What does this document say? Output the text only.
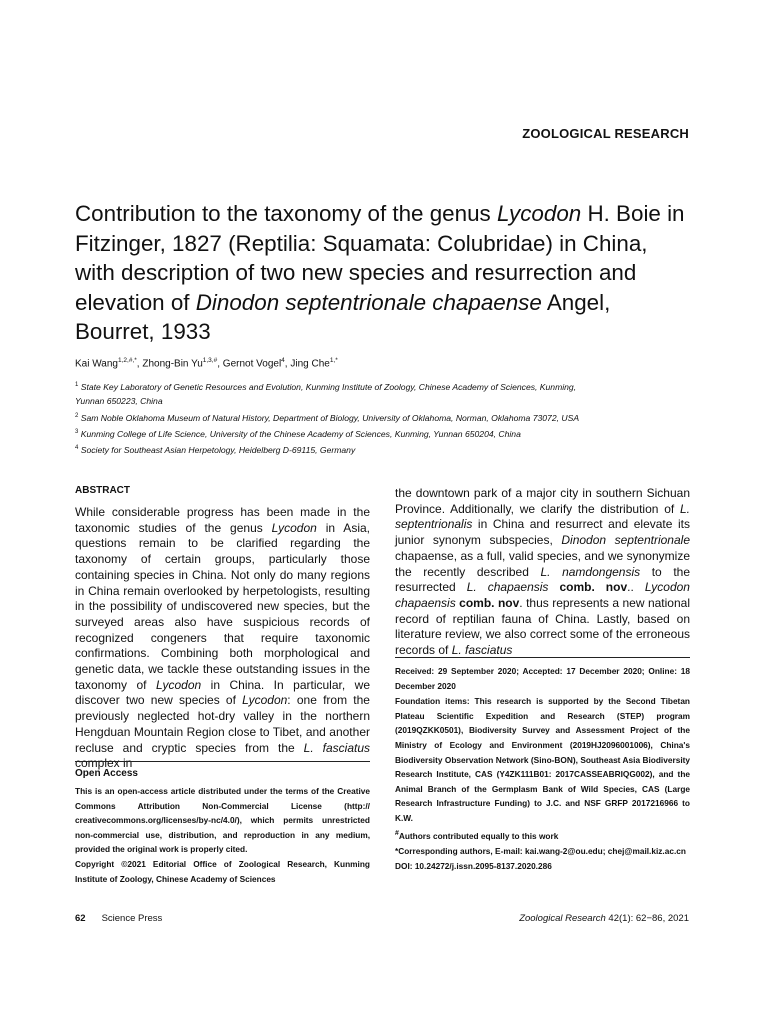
ZOOLOGICAL RESEARCH
Contribution to the taxonomy of the genus Lycodon H. Boie in Fitzinger, 1827 (Reptilia: Squamata: Colubridae) in China, with description of two new species and resurrection and elevation of Dinodon septentrionale chapaense Angel, Bourret, 1933
Kai Wang$^{1,2,\#,*}$, Zhong-Bin $Yu^{1,3,\#}$, Gernot Vogel$^4$, Jing Che$^{1,*}$

$^1$ State Key Laboratory of Genetic Resources and Evolution, Kunming Institute of Zoology, Chinese Academy of Sciences, Kunming,
Yunnan 650223, China

$^2$ Sam Noble Oklahoma Museum of Natural History, Department of Biology, University of Oklahoma, Norman, Oklahoma 73072, USA

$^3$ Kunming College of Life Science, University of the Chinese Academy of Sciences, Kunming, Yunnan 650204, China

$^4$ Society for Southeast Asian Herpetology, Heidelberg D-69115, Germany

ABSTRACT

While considerable progress has been made in the taxonomic studies of the genus Lycodon in Asia, questions remain to be clarified regarding the taxonomy of certain groups, particularly those containing species in China. Not only do many regions in China remain overlooked by herpetologists, resulting in the possibility of undiscovered new species, but the surveyed areas also have suspicious records of recognized congeners that require taxonomic confirmations. Combining both morphological and genetic data, we tackle these outstanding issues in the taxonomy of Lycodon in China. In particular, we discover two new species of Lycodon: one from the previously neglected hot-dry valley in the northern Hengduan Mountain Region close to Tibet, and another recluse and cryptic species from the L. fasciatus complex in

Open Access

This is an open-access article distributed under the terms of the Creative Commons Attribution Non-Commercial License (http:// creativecommons.org/licenses/by-nc/4.0/), which permits unrestricted non-commercial use, distribution, and reproduction in any medium, provided the original work is properly cited.

Copyright ©2021 Editorial Office of Zoological Research, Kunming Institute of Zoology, Chinese Academy of Sciences

the downtown park of a major city in southern Sichuan Province. Additionally, we clarify the distribution of L. septentrionalis in China and resurrect and elevate its junior synonym subspecies, Dinodon septentrionale chapaense, as a full, valid species, and we synonymize the recently described L. namdongensis to the resurrected L. chapaensis comb. nov.. Lycodon chapaensis comb. nov. thus represents a new national record of reptilian fauna of China. Lastly, based on literature review, we also correct some of the erroneous records of L. fasciatus

Received: 29 September 2020; Accepted: 17 December 2020; Online: 18 December 2020

Foundation items: This research is supported by the Second Tibetan Plateau Scientific Expedition and Research (STEP) program (2019QZKK0501), Biodiversity Survey and Assessment Project of the Ministry of Ecology and Environment (2019HJ2096001006), China's Biodiversity Observation Network (Sino-BON), Southeast Asia Biodiversity Research Institute, CAS (Y4ZK111B01: 2017CASSEABRIQG002), and the Animal Branch of the Germplasm Bank of Wild Species, CAS (Large Research Infrastructure Funding) to J.C. and NSF GRFP 2017216966 to K.W.

#Authors contributed equally to this work

*Corresponding authors, E-mail: kai.wang-2@ou.edu; chej@mail.kiz.ac.cn

DOI: 10.24272/j.issn.2095-8137.2020.286

62 Science Press	Zoological Research 42(1): 62−86, 2021
